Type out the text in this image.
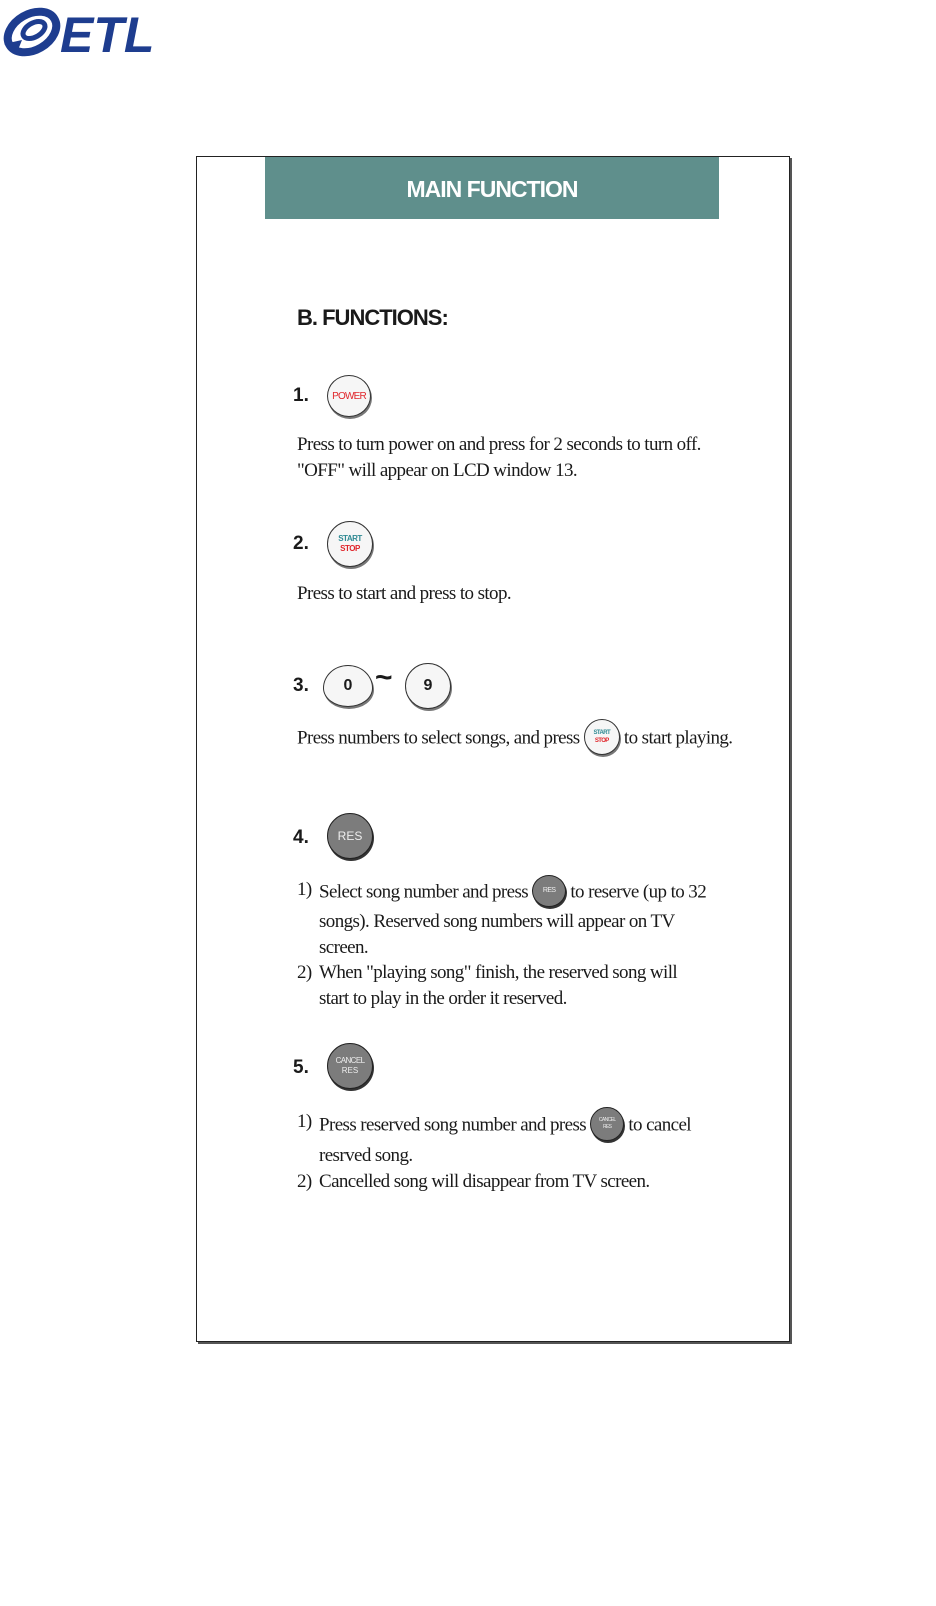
ETL
MAIN FUNCTION
B. FUNCTIONS:
1. POWER
Press to turn power on and press for 2 seconds to turn off. "OFF" will appear on LCD window 13.
2.	START
STOP
Press to start and press to stop.
3. 0 ~ 9
Press numbers to select songs, and press START
STOP to start playing.
4. RES
1) Select song number and press RES to reserve (up to 32 songs). Reserved song numbers will appear on TV screen.
2) When "playing song" finish, the reserved song will start to play in the order it reserved.
5.	CANCEL
RES
1) Press reserved song number and press	CANCEL
RES to cancel resrved song.
2) Cancelled song will disappear from TV screen.
